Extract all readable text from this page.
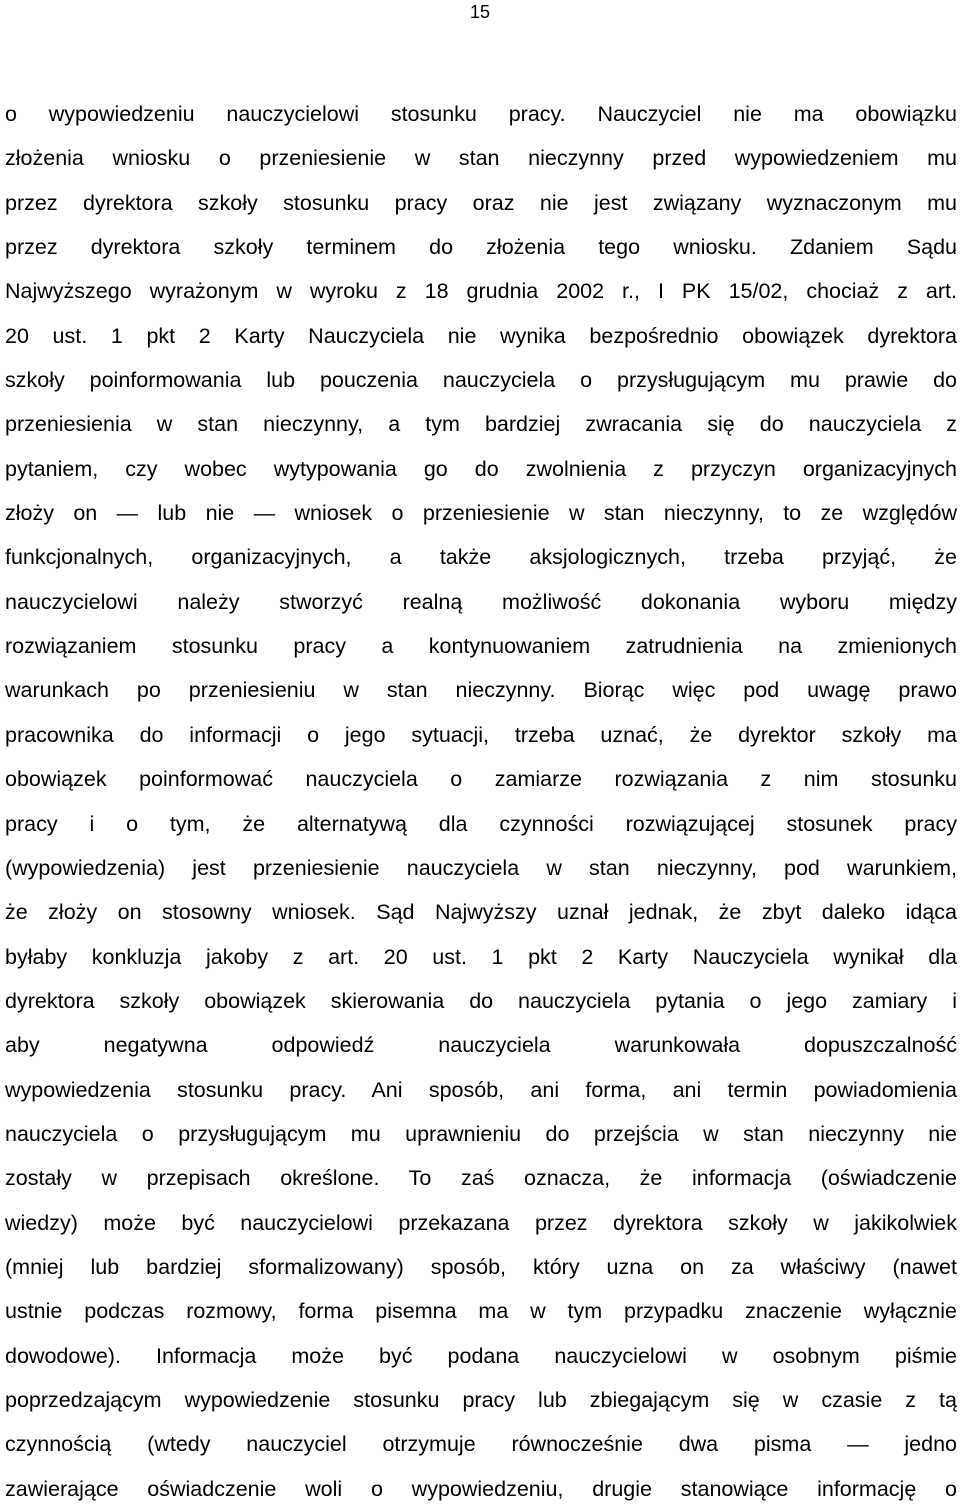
15
o wypowiedzeniu nauczycielowi stosunku pracy. Nauczyciel nie ma obowiązku
złożenia wniosku o przeniesienie w stan nieczynny przed wypowiedzeniem mu
przez dyrektora szkoły stosunku pracy oraz nie jest związany wyznaczonym mu
przez dyrektora szkoły terminem do złożenia tego wniosku. Zdaniem Sądu
Najwyższego wyrażonym w wyroku z 18 grudnia 2002 r., I PK 15/02, chociaż z art.
20 ust. 1 pkt 2 Karty Nauczyciela nie wynika bezpośrednio obowiązek dyrektora
szkoły poinformowania lub pouczenia nauczyciela o przysługującym mu prawie do
przeniesienia w stan nieczynny, a tym bardziej zwracania się do nauczyciela z
pytaniem, czy wobec wytypowania go do zwolnienia z przyczyn organizacyjnych
złoży on — lub nie — wniosek o przeniesienie w stan nieczynny, to ze względów
funkcjonalnych, organizacyjnych, a także aksjologicznych, trzeba przyjąć, że
nauczycielowi należy stworzyć realną możliwość dokonania wyboru między
rozwiązaniem stosunku pracy a kontynuowaniem zatrudnienia na zmienionych
warunkach po przeniesieniu w stan nieczynny. Biorąc więc pod uwagę prawo
pracownika do informacji o jego sytuacji, trzeba uznać, że dyrektor szkoły ma
obowiązek poinformować nauczyciela o zamiarze rozwiązania z nim stosunku
pracy i o tym, że alternatywą dla czynności rozwiązującej stosunek pracy
(wypowiedzenia) jest przeniesienie nauczyciela w stan nieczynny, pod warunkiem,
że złoży on stosowny wniosek. Sąd Najwyższy uznał jednak, że zbyt daleko idąca
byłaby konkluzja jakoby z art. 20 ust. 1 pkt 2 Karty Nauczyciela wynikał dla
dyrektora szkoły obowiązek skierowania do nauczyciela pytania o jego zamiary i
aby negatywna odpowiedź nauczyciela warunkowała dopuszczalność
wypowiedzenia stosunku pracy. Ani sposób, ani forma, ani termin powiadomienia
nauczyciela o przysługującym mu uprawnieniu do przejścia w stan nieczynny nie
zostały w przepisach określone. To zaś oznacza, że informacja (oświadczenie
wiedzy) może być nauczycielowi przekazana przez dyrektora szkoły w jakikolwiek
(mniej lub bardziej sformalizowany) sposób, który uzna on za właściwy (nawet
ustnie podczas rozmowy, forma pisemna ma w tym przypadku znaczenie wyłącznie
dowodowe). Informacja może być podana nauczycielowi w osobnym piśmie
poprzedzającym wypowiedzenie stosunku pracy lub zbiegającym się w czasie z tą
czynnością (wtedy nauczyciel otrzymuje równocześnie dwa pisma — jedno
zawierające oświadczenie woli o wypowiedzeniu, drugie stanowiące informację o
